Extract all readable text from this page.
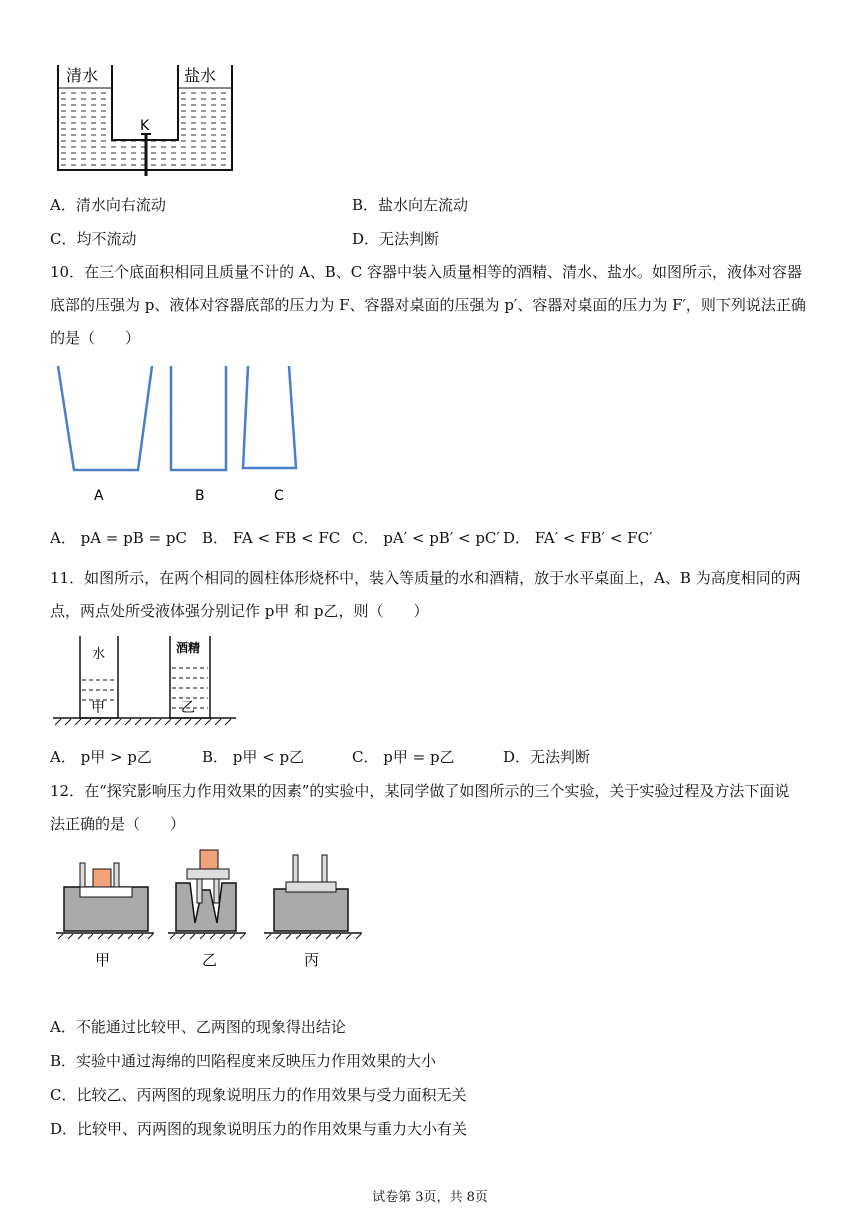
清水	盐水
K
A．清水向右流动	B．盐水向左流动
C．均不流动	D．无法判断
10．在三个底面积相同且质量不计的 A、B、C 容器中装入质量相等的酒精、清水、盐水。如图所示，液体对容器
底部的压强为 p、液体对容器底部的压力为 F、容器对桌面的压强为 p′、容器对桌面的压力为 F′，则下列说法正确
的是（　　）
A	B	C
A． pA = pB = pC B． FA < FB < FC C． pA′ < pB′ < pC′ D． FA′ < FB′ < FC′
11．如图所示，在两个相同的圆柱体形烧杯中，装入等质量的水和酒精，放于水平桌面上，A、B 为高度相同的两
点，两点处所受液体强分别记作 p甲 和 p乙，则（　　）
水	酒精
甲	乙
A． p甲 > p乙	B． p甲 < p乙	C． p甲 = p乙	D．无法判断
12．在“探究影响压力作用效果的因素”的实验中，某同学做了如图所示的三个实验，关于实验过程及方法下面说
法正确的是（　　）
甲	乙	丙
A．不能通过比较甲、乙两图的现象得出结论
B．实验中通过海绵的凹陷程度来反映压力作用效果的大小
C．比较乙、丙两图的现象说明压力的作用效果与受力面积无关
D．比较甲、丙两图的现象说明压力的作用效果与重力大小有关
试卷第 3页，共 8页
